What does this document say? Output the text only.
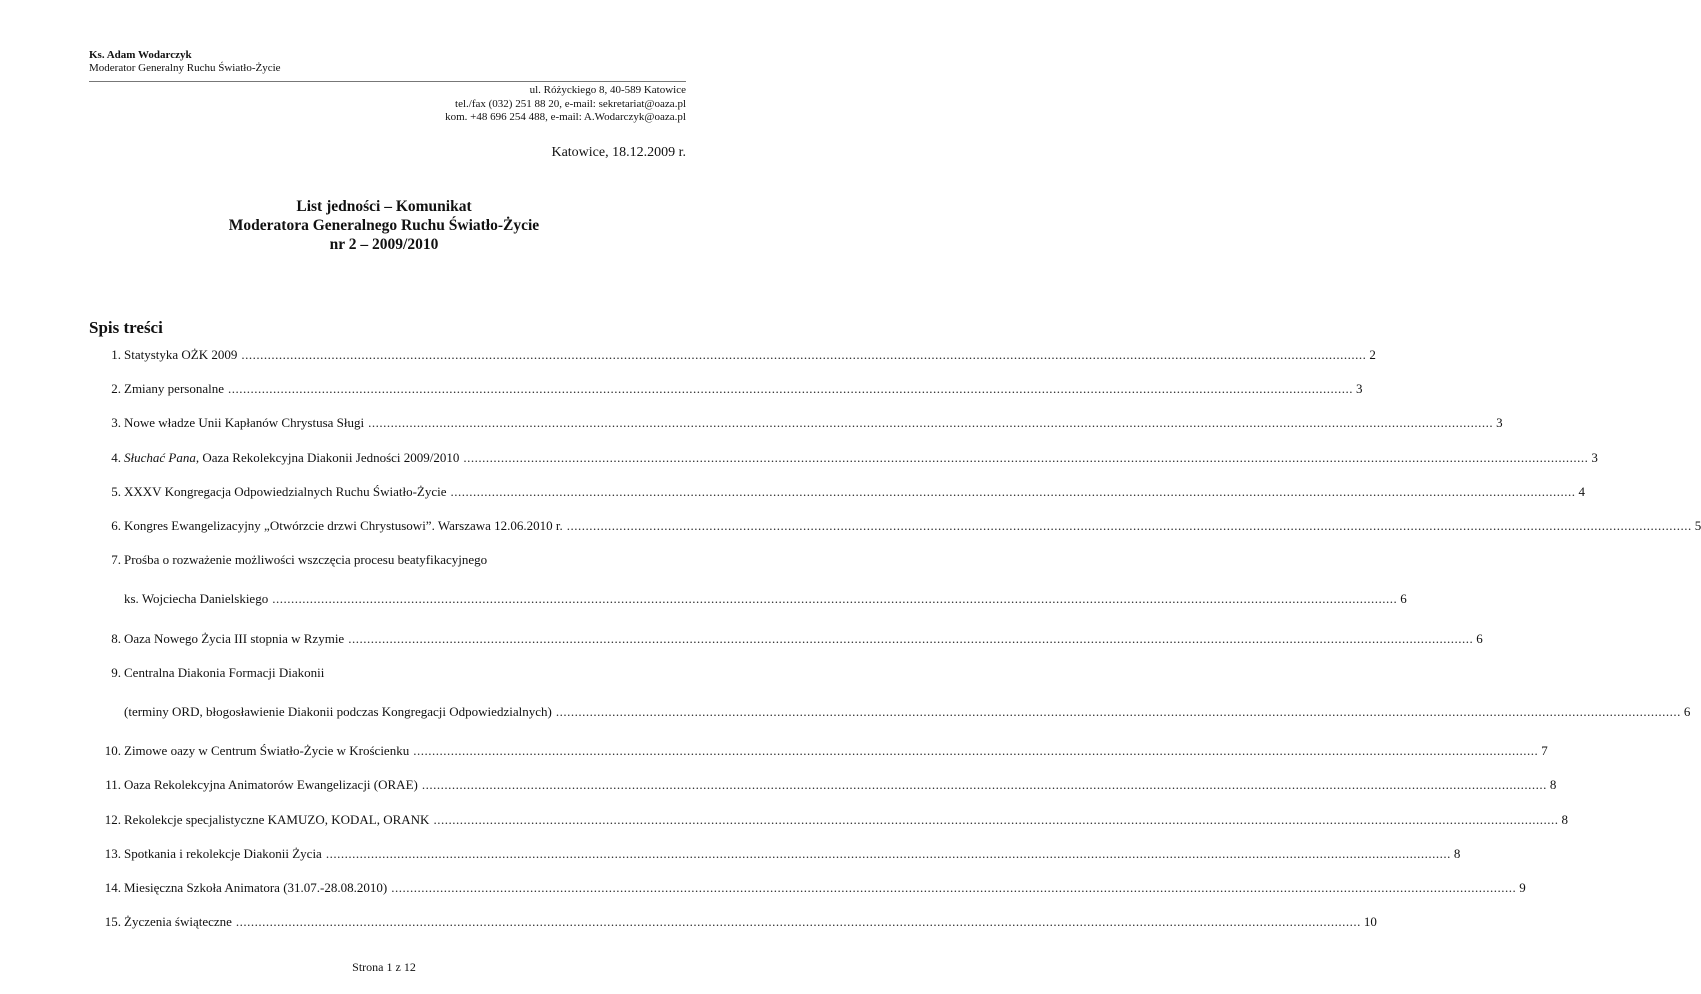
Ks. Adam Wodarczyk
Moderator Generalny Ruchu Światło-Życie
ul. Różyckiego 8, 40-589 Katowice
tel./fax (032) 251 88 20, e-mail: sekretariat@oaza.pl
kom. +48 696 254 488, e-mail: A.Wodarczyk@oaza.pl
Katowice, 18.12.2009 r.
List jedności – Komunikat
Moderatora Generalnego Ruchu Światło-Życie
nr 2 – 2009/2010
Spis treści
1. Statystyka OŻK 2009 ............................................................................................................................................................................................................................................................................................................ 2
2. Zmiany personalne ............................................................................................................................................................................................................................................................................................................ 3
3. Nowe władze Unii Kapłanów Chrystusa Sługi ............................................................................................................................................................................................................................................................................................................ 3
4. Słuchać Pana, Oaza Rekolekcyjna Diakonii Jedności 2009/2010 ............................................................................................................................................................................................................................................................................................................ 3
5. XXXV Kongregacja Odpowiedzialnych Ruchu Światło-Życie ............................................................................................................................................................................................................................................................................................................ 4
6. Kongres Ewangelizacyjny „Otwórzcie drzwi Chrystusowi”. Warszawa 12.06.2010 r. ............................................................................................................................................................................................................................................................................................................ 5
7. Prośba o rozważenie możliwości wszczęcia procesu beatyfikacyjnego
ks. Wojciecha Danielskiego ............................................................................................................................................................................................................................................................................................................ 6
8. Oaza Nowego Życia III stopnia w Rzymie ............................................................................................................................................................................................................................................................................................................ 6
9. Centralna Diakonia Formacji Diakonii
(terminy ORD, błogosławienie Diakonii podczas Kongregacji Odpowiedzialnych) ............................................................................................................................................................................................................................................................................................................ 6
10. Zimowe oazy w Centrum Światło-Życie w Krościenku ............................................................................................................................................................................................................................................................................................................ 7
11. Oaza Rekolekcyjna Animatorów Ewangelizacji (ORAE) ............................................................................................................................................................................................................................................................................................................ 8
12. Rekolekcje specjalistyczne KAMUZO, KODAL, ORANK ............................................................................................................................................................................................................................................................................................................ 8
13. Spotkania i rekolekcje Diakonii Życia ............................................................................................................................................................................................................................................................................................................ 8
14. Miesięczna Szkoła Animatora (31.07.-28.08.2010) ............................................................................................................................................................................................................................................................................................................ 9
15. Życzenia świąteczne ............................................................................................................................................................................................................................................................................................................ 10
Strona 1 z 12
